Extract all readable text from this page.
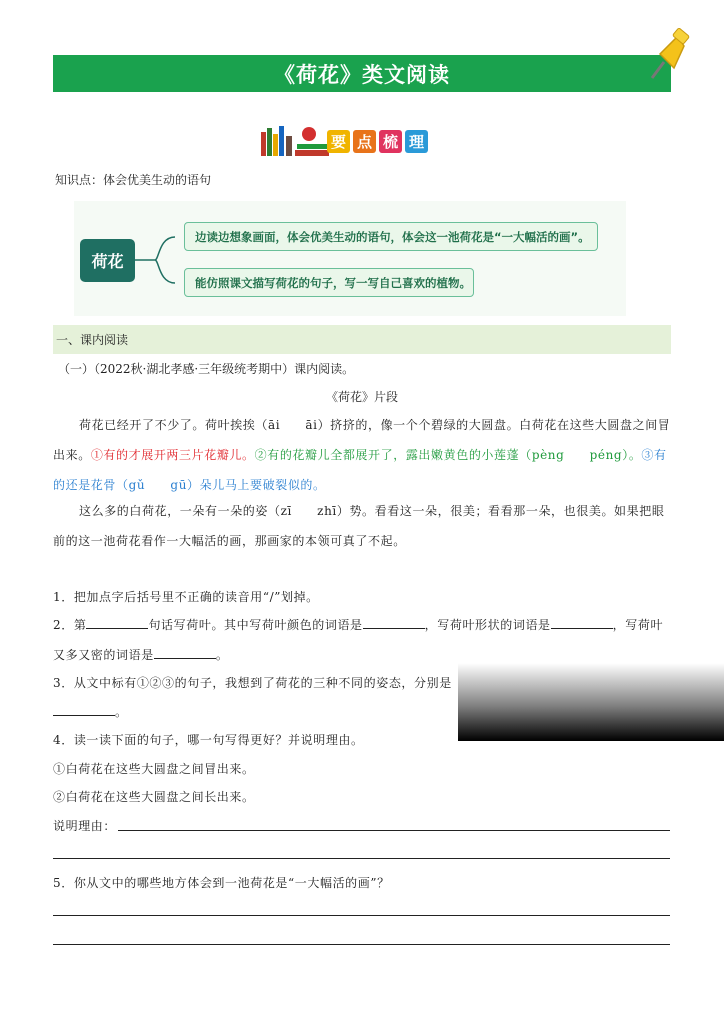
《荷花》类文阅读
要 点 梳 理
知识点：体会优美生动的语句
荷花
边读边想象画面，体会优美生动的语句，体会这一池荷花是“一大幅活的画”。
能仿照课文描写荷花的句子，写一写自己喜欢的植物。
一、课内阅读
（一）（2022秋·湖北孝感·三年级统考期中）课内阅读。
《荷花》片段
荷花已经开了不少了。荷叶挨挨（āi　　āi）挤挤的，像一个个碧绿的大圆盘。白荷花在这些大圆盘之间冒出来。①有的才展开两三片花瓣儿。②有的花瓣儿全都展开了，露出嫩黄色的小莲蓬（pèng　　péng）。③有的还是花骨（gǔ　　gū）朵儿马上要破裂似的。
这么多的白荷花，一朵有一朵的姿（zī　　zhī）势。看看这一朵，很美；看看那一朵，也很美。如果把眼前的这一池荷花看作一大幅活的画，那画家的本领可真了不起。
1．把加点字后括号里不正确的读音用“/”划掉。
2．第	句话写荷叶。其中写荷叶颜色的词语是	，写荷叶形状的词语是	，写荷叶又多又密的词语是	。
3．从文中标有①②③的句子，我想到了荷花的三种不同的姿态，分别是
。
4．读一读下面的句子，哪一句写得更好？并说明理由。
①白荷花在这些大圆盘之间冒出来。
②白荷花在这些大圆盘之间长出来。
说明理由：
5．你从文中的哪些地方体会到一池荷花是“一大幅活的画”？
